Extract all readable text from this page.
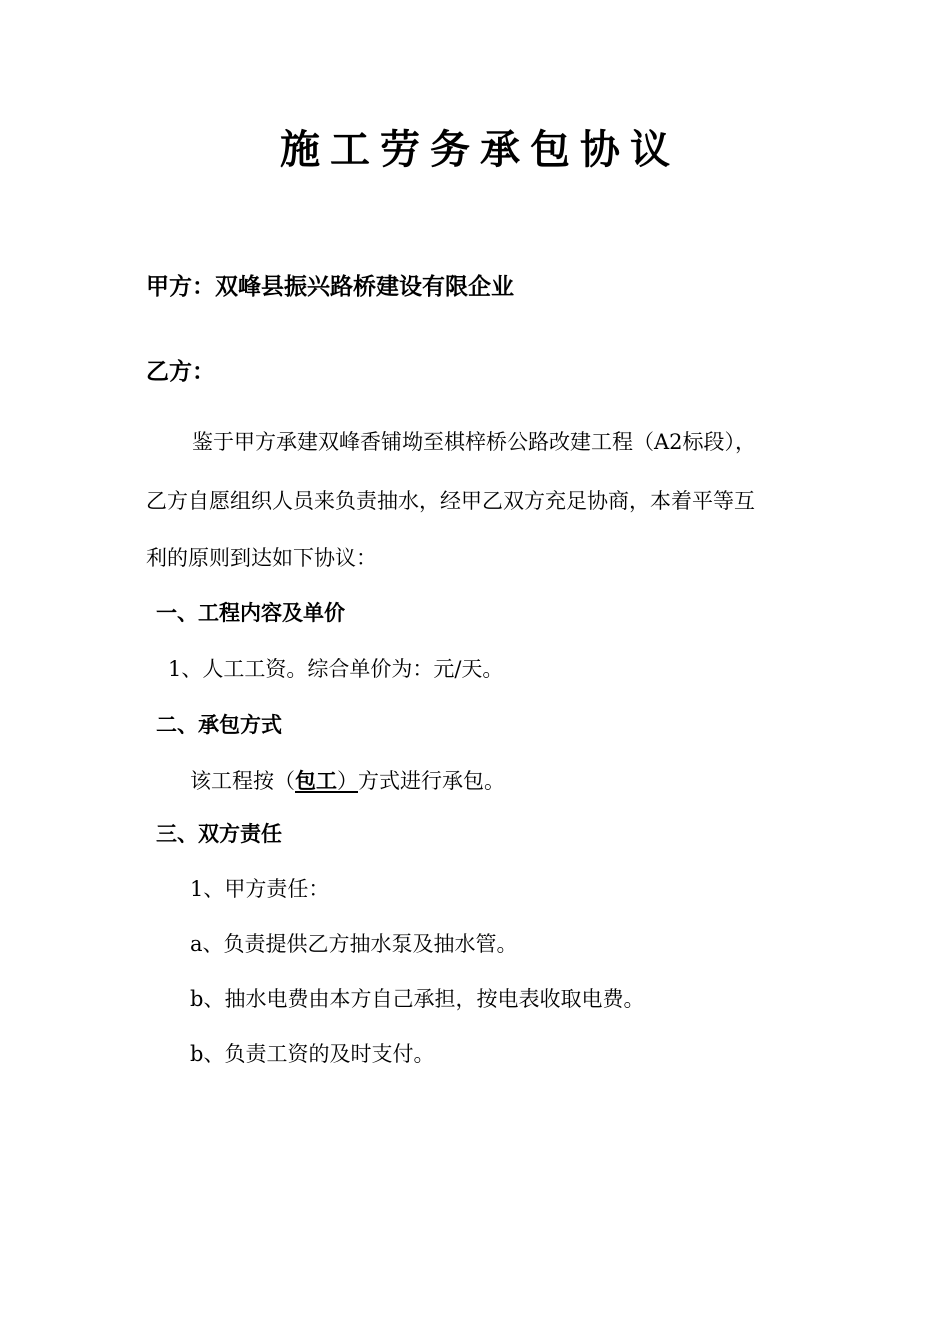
施工劳务承包协议
甲方：双峰县振兴路桥建设有限企业
乙方：
鉴于甲方承建双峰香铺坳至棋梓桥公路改建工程（A2标段），
乙方自愿组织人员来负责抽水，经甲乙双方充足协商，本着平等互
利的原则到达如下协议：
一、工程内容及单价
1、人工工资。综合单价为：元/天。
二、承包方式
该工程按（包工）方式进行承包。
三、双方责任
1、甲方责任：
a、负责提供乙方抽水泵及抽水管。
b、抽水电费由本方自己承担，按电表收取电费。
b、负责工资的及时支付。
